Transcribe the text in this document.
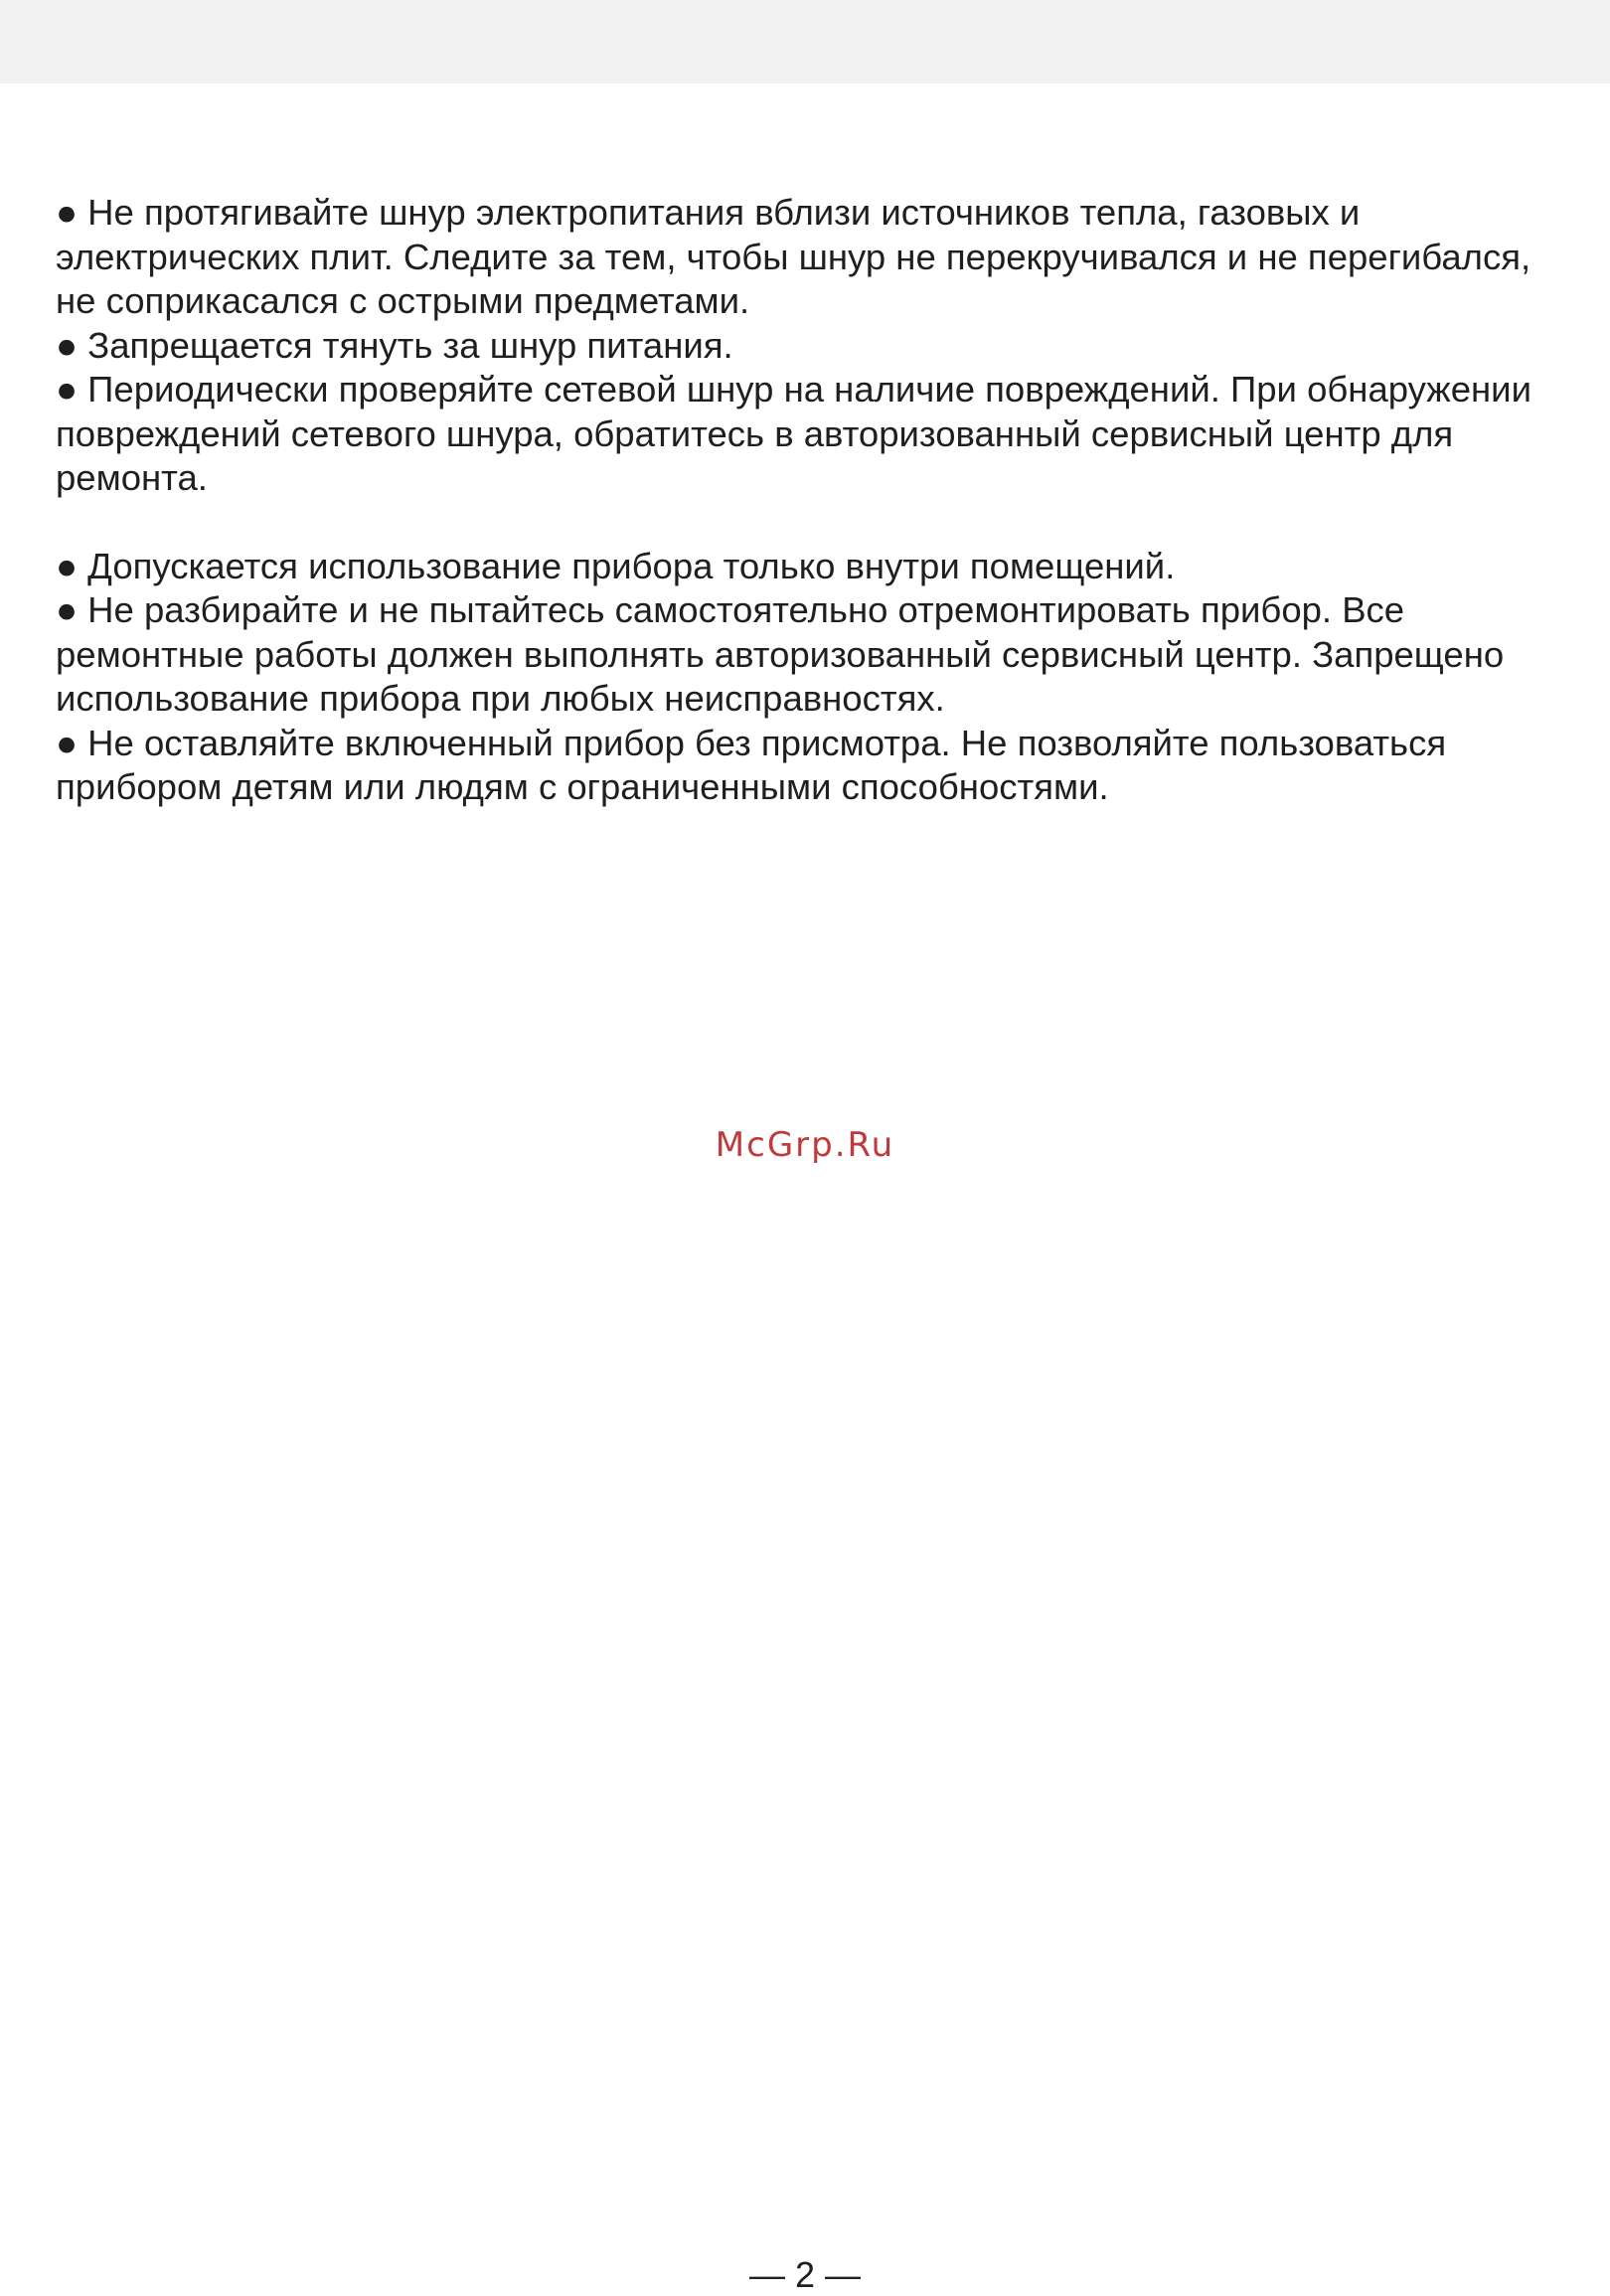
● Не протягивайте шнур электропитания вблизи источников тепла, газовых и электрических плит. Следите за тем, чтобы шнур не перекручивался и не перегибался, не соприкасался с острыми предметами.

● Запрещается тянуть за шнур питания.

● Периодически проверяйте сетевой шнур на наличие повреждений. При обнаружении повреждений сетевого шнура, обратитесь в авторизованный сервисный центр для ремонта.

● Допускается использование прибора только внутри помещений.

● Не разбирайте и не пытайтесь самостоятельно отремонтировать прибор. Все ремонтные работы должен выполнять авторизованный сервисный центр. Запрещено использование прибора при любых неисправностях.

● Не оставляйте включенный прибор без присмотра. Не позволяйте пользоваться прибором детям или людям с ограниченными способностями.

McGrp.Ru
— 2 —
